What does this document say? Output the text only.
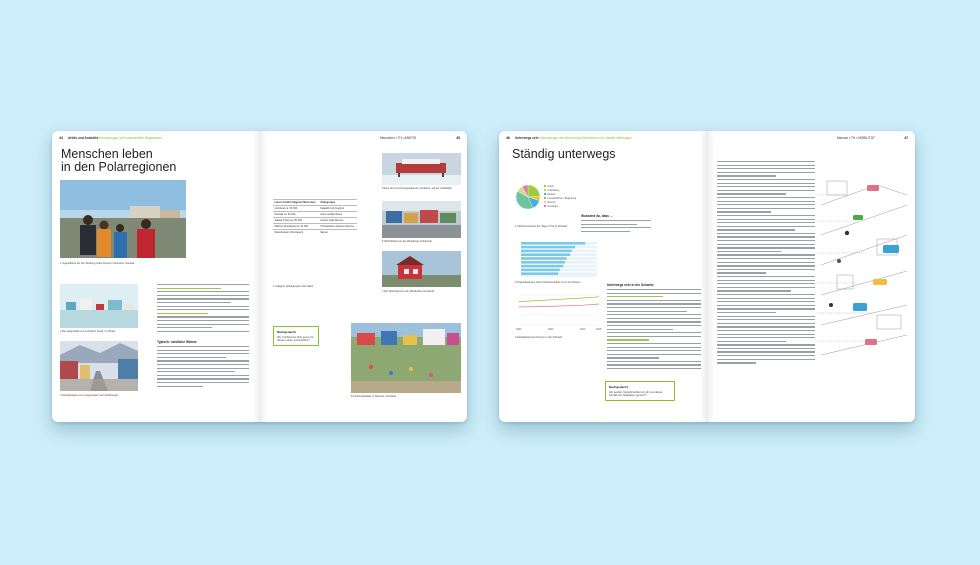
44 Arktis und Antarktis Erkundungen auf Lebenswelten eingelassen
Menschen leben
in den Polarregionen
1 Jugendliche bei der Siedlung Cape Dorset in Nunavut, Kanada
2 Die Hauptstadt von Grönland: Nuuk, im Winter
3 Hauptstrasse von Longyearbyen auf Spitzbergen
Typisch: nördliche Wärme
Menschen • TH • ARKTIS	45
Land / Anzahl indigener Menschen	Volksgruppe
Grönland ca. 50 000	Kalaallit Inuit Inughuit
Kanada ca. 60 000	Inuit Inuvialuit Dene
Alaska (USA) ca. 50 000	Inupiat Yupik Aleuten
Sibirien (Russland) ca. 20 000	Tschuktschen Jakuten Nenzen
Skandinavien (Norwegen)	Samen
4 Indigene Volksgruppen der Arktis
Nachgedacht
Wo möchtest du dich gerne für dieses Leben entscheiden?
5 Eine der Forschungsstationen: Antarktis, auf der Antarktika
6 Wohnblocks an der Westküste Grönlands
7 Ein Wohnhaus an der Westküste Grönlands
8 Kinderspielplatz in Sisimiut, Grönland
46 Unterwegs sein Erkundungen am Wohnort auf Menschen und Umwelt übertragen
Ständig unterwegs
Arbeit
Ausbildung
Einkauf
Freizeitfahrten / Begleitung
Besuch
Sonstiges
1 Verkehrszwecke der Tage (in %) in Schweiz
Wusstest du, dass ...
2 Tagesdistanzen nach Verkehrsmitteln in km pro Person
1990	2000	2010	2015
3 Zeitaufwand pro Person in der Schweiz
Unterwegs sein in der Schweiz
Nachgedacht
Wo werden Verkehrsmittel von dir und deiner Familie am häufigsten genutzt?
Mensch • TH • MOBILITÄT	47
